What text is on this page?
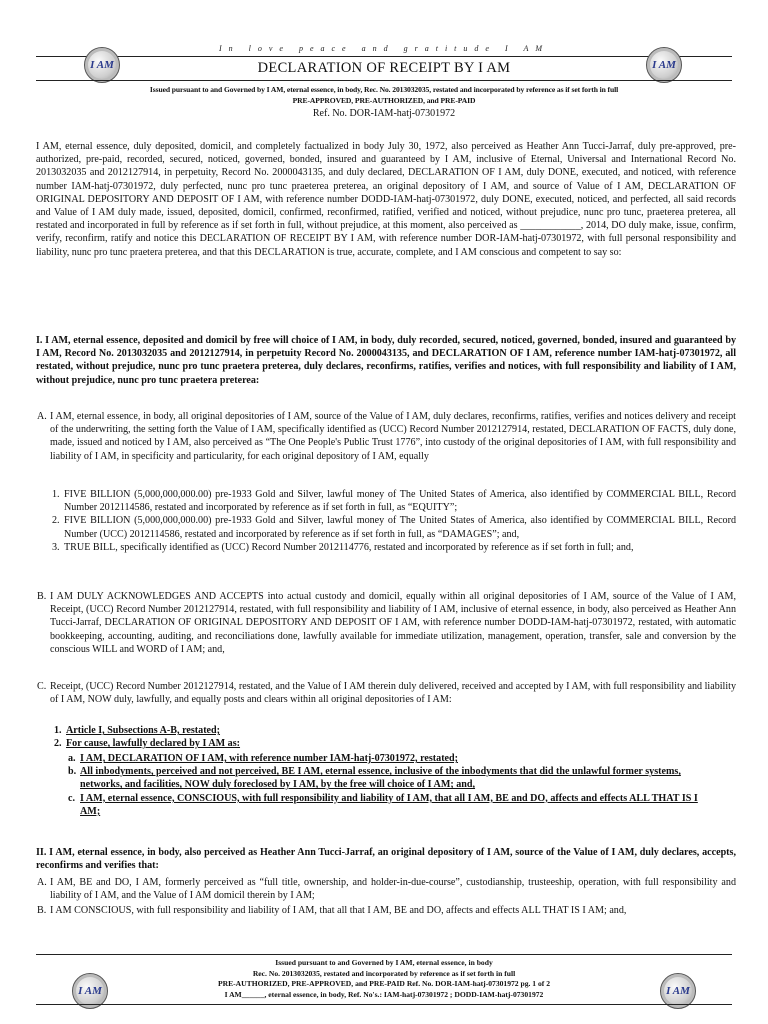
In love peace and gratitude I AM
I AM	I AM
DECLARATION OF RECEIPT BY I AM
Issued pursuant to and Governed by I AM, eternal essence, in body, Rec. No. 2013032035, restated and incorporated by reference as if set forth in full
PRE-APPROVED, PRE-AUTHORIZED, and PRE-PAID
Ref. No. DOR-IAM-hatj-07301972
I AM, eternal essence, duly deposited, domicil, and completely factualized in body July 30, 1972, also perceived as Heather Ann Tucci-Jarraf, duly pre-approved, pre-authorized, pre-paid, recorded, secured, noticed, governed, bonded, insured and guaranteed by I AM, inclusive of Eternal, Universal and International Record No. 2013032035 and 2012127914, in perpetuity, Record No. 2000043135, and duly declared, DECLARATION OF I AM, duly DONE, executed, and noticed, with reference number IAM-hatj-07301972, duly perfected, nunc pro tunc praeterea preterea, an original depository of I AM, and source of Value of I AM, DECLARATION OF ORIGINAL DEPOSITORY AND DEPOSIT OF I AM, with reference number DODD-IAM-hatj-07301972, duly DONE, executed, noticed, and perfected, all said records and Value of I AM duly made, issued, deposited, domicil, confirmed, reconfirmed, ratified, verified and noticed, without prejudice, nunc pro tunc, praeterea preterea, all restated and incorporated in full by reference as if set forth in full, without prejudice, at this moment, also perceived as ____________, 2014, DO duly make, issue, confirm, verify, reconfirm, ratify and notice this DECLARATION OF RECEIPT BY I AM, with reference number DOR-IAM-hatj-07301972, with full personal responsibility and liability, nunc pro tunc praetera preterea, and that this DECLARATION is true, accurate, complete, and I AM conscious and competent to say so:
I. I AM, eternal essence, deposited and domicil by free will choice of I AM, in body, duly recorded, secured, noticed, governed, bonded, insured and guaranteed by I AM, Record No. 2013032035 and 2012127914, in perpetuity Record No. 2000043135, and DECLARATION OF I AM, reference number IAM-hatj-07301972, all restated, without prejudice, nunc pro tunc praetera preterea, duly declares, reconfirms, ratifies, verifies and notices, with full responsibility and liability of I AM, without prejudice, nunc pro tunc praetera preterea:
A. I AM, eternal essence, in body, all original depositories of I AM, source of the Value of I AM, duly declares, reconfirms, ratifies, verifies and notices delivery and receipt of the underwriting, the setting forth the Value of I AM, specifically identified as (UCC) Record Number 2012127914, restated, DECLARATION OF FACTS, duly done, made, issued and noticed by I AM, also perceived as “The One People's Public Trust 1776”, into custody of the original depositories of I AM, with full responsibility and liability of I AM, in specificity and particularity, for each original depository of I AM, equally
1. FIVE BILLION (5,000,000,000.00) pre-1933 Gold and Silver, lawful money of The United States of America, also identified by COMMERCIAL BILL, Record Number 2012114586, restated and incorporated by reference as if set forth in full, as “EQUITY”;
2. FIVE BILLION (5,000,000,000.00) pre-1933 Gold and Silver, lawful money of The United States of America, also identified by COMMERCIAL BILL, Record Number (UCC) 2012114586, restated and incorporated by reference as if set forth in full, as “DAMAGES”; and,
3. TRUE BILL, specifically identified as (UCC) Record Number 2012114776, restated and incorporated by reference as if set forth in full; and,
B. I AM DULY ACKNOWLEDGES AND ACCEPTS into actual custody and domicil, equally within all original depositories of I AM, source of the Value of I AM, Receipt, (UCC) Record Number 2012127914, restated, with full responsibility and liability of I AM, inclusive of eternal essence, in body, also perceived as Heather Ann Tucci-Jarraf, DECLARATION OF ORIGINAL DEPOSITORY AND DEPOSIT OF I AM, with reference number DODD-IAM-hatj-07301972, restated, with automatic bookkeeping, accounting, auditing, and reconciliations done, lawfully available for immediate utilization, management, operation, transfer, sale and conversion by the conscious WILL and WORD of I AM; and,
C. Receipt, (UCC) Record Number 2012127914, restated, and the Value of I AM therein duly delivered, received and accepted by I AM, with full responsibility and liability of I AM, NOW duly, lawfully, and equally posts and clears within all original depositories of I AM:
1. Article I, Subsections A-B, restated;
2. For cause, lawfully declared by I AM as:
a. I AM, DECLARATION OF I AM, with reference number IAM-hatj-07301972, restated;
b. All inbodyments, perceived and not perceived, BE I AM, eternal essence, inclusive of the inbodyments that did the unlawful former systems, networks, and facilities, NOW duly foreclosed by I AM, by the free will choice of I AM; and,
c. I AM, eternal essence, CONSCIOUS, with full responsibility and liability of I AM, that all I AM, BE and DO, affects and effects ALL THAT IS I AM;
II. I AM, eternal essence, in body, also perceived as Heather Ann Tucci-Jarraf, an original depository of I AM, source of the Value of I AM, duly declares, accepts, reconfirms and verifies that:
A. I AM, BE and DO, I AM, formerly perceived as “full title, ownership, and holder-in-due-course”, custodianship, trusteeship, operation, with full responsibility and liability of I AM, and the Value of I AM domicil therein by I AM;
B. I AM CONSCIOUS, with full responsibility and liability of I AM, that all that I AM, BE and DO, affects and effects ALL THAT IS I AM; and,
I AM	I AM
Issued pursuant to and Governed by I AM, eternal essence, in body
Rec. No. 2013032035, restated and incorporated by reference as if set forth in full
PRE-AUTHORIZED, PRE-APPROVED, and PRE-PAID Ref. No. DOR-IAM-hatj-07301972 pg. 1 of 2
I AM______, eternal essence, in body, Ref. No's.: IAM-hatj-07301972 ; DODD-IAM-hatj-07301972
